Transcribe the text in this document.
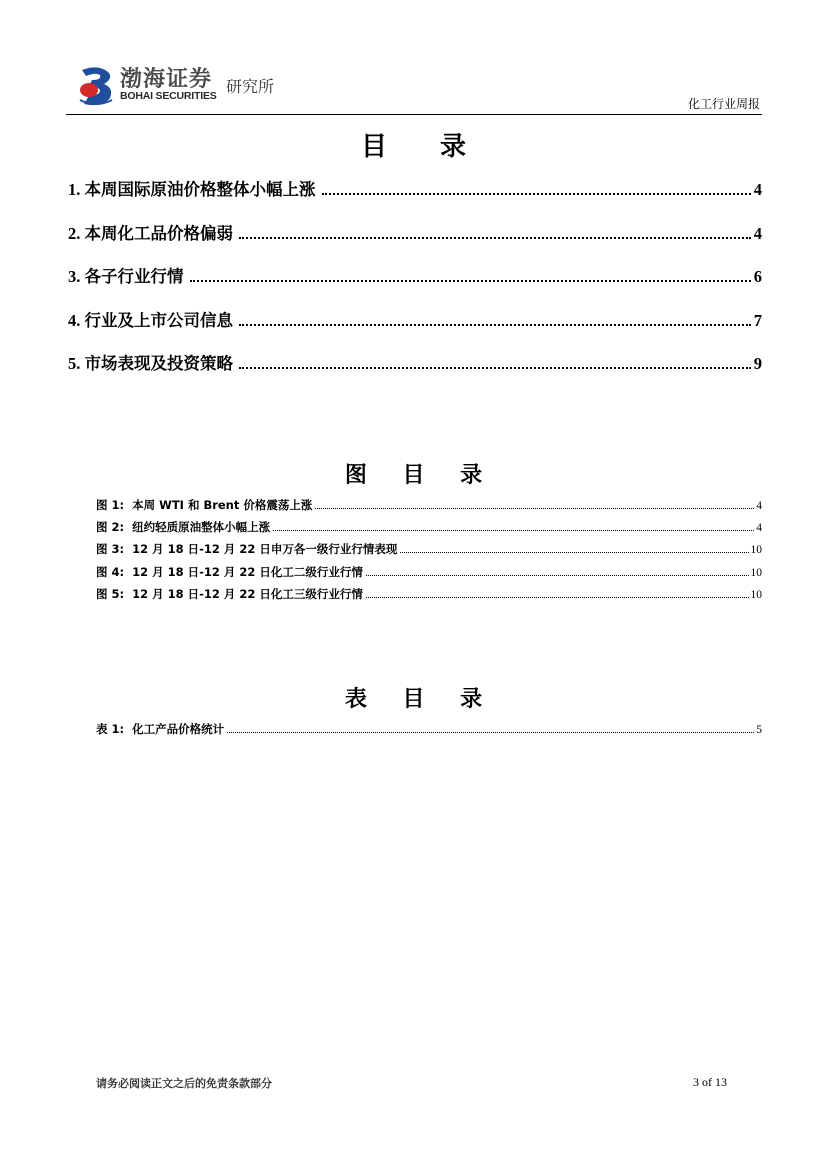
渤海证券
BOHAI SECURITIES 研究所
化工行业周报
目 录
1. 本周国际原油价格整体小幅上涨	4
2. 本周化工品价格偏弱	4
3. 各子行业行情	6
4. 行业及上市公司信息	7
5. 市场表现及投资策略	9
图 目 录
图 1: 本周 WTI 和 Brent 价格震荡上涨	4
图 2: 纽约轻质原油整体小幅上涨	4
图 3: 12 月 18 日-12 月 22 日申万各一级行业行情表现	10
图 4: 12 月 18 日-12 月 22 日化工二级行业行情	10
图 5: 12 月 18 日-12 月 22 日化工三级行业行情	10
表 目 录
表 1: 化工产品价格统计	5
请务必阅读正文之后的免责条款部分	3 of 13
